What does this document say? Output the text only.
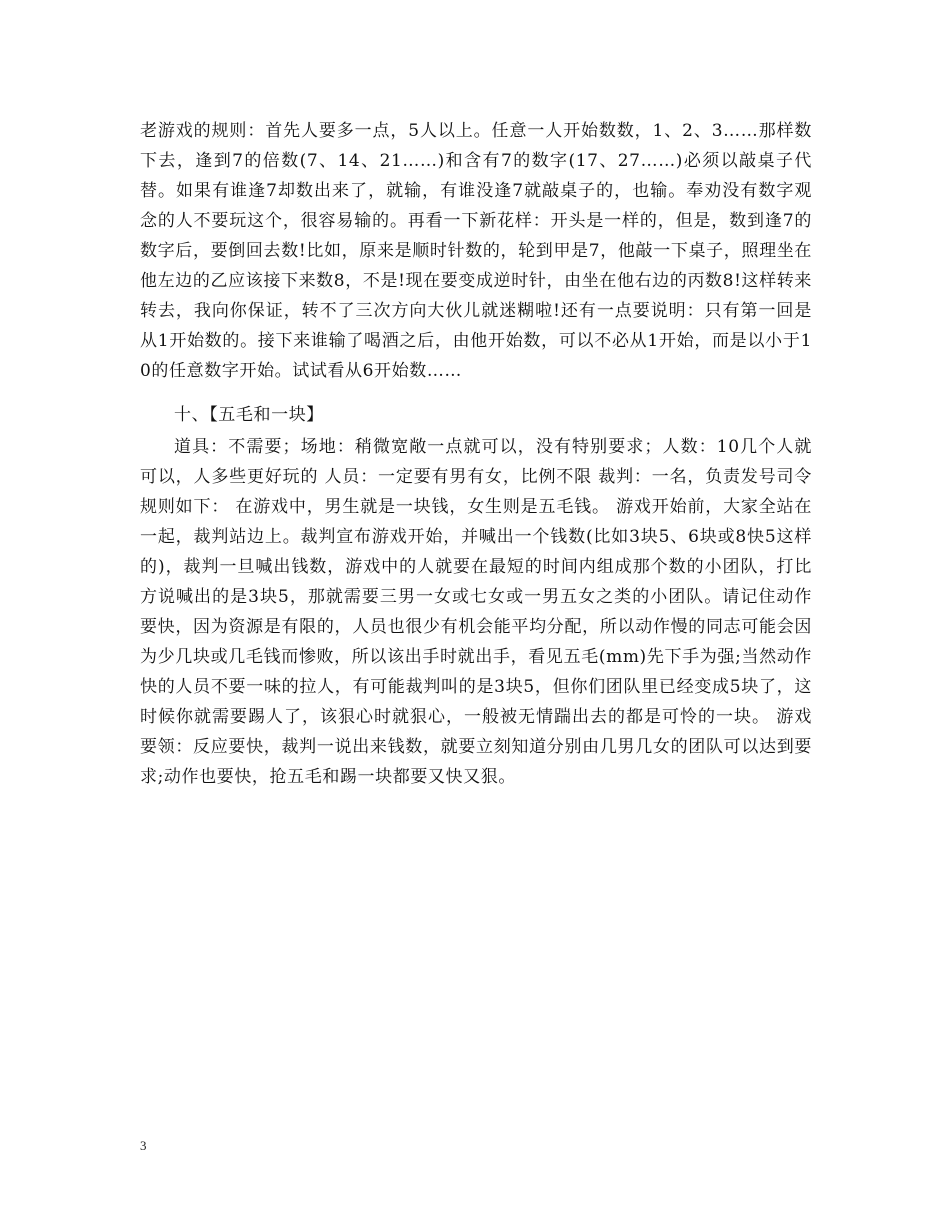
老游戏的规则：首先人要多一点，5人以上。任意一人开始数数，1、2、3……那样数下去，逢到7的倍数(7、14、21……)和含有7的数字(17、27……)必须以敲桌子代替。如果有谁逢7却数出来了，就输，有谁没逢7就敲桌子的，也输。奉劝没有数字观念的人不要玩这个，很容易输的。再看一下新花样：开头是一样的，但是，数到逢7的数字后，要倒回去数!比如，原来是顺时针数的，轮到甲是7，他敲一下桌子，照理坐在他左边的乙应该接下来数8，不是!现在要变成逆时针，由坐在他右边的丙数8!这样转来转去，我向你保证，转不了三次方向大伙儿就迷糊啦!还有一点要说明：只有第一回是从1开始数的。接下来谁输了喝酒之后，由他开始数，可以不必从1开始，而是以小于10的任意数字开始。试试看从6开始数……

十、【五毛和一块】

道具：不需要；场地：稍微宽敞一点就可以，没有特别要求；人数：10几个人就可以，人多些更好玩的 人员：一定要有男有女，比例不限 裁判：一名，负责发号司令 规则如下： 在游戏中，男生就是一块钱，女生则是五毛钱。 游戏开始前，大家全站在一起，裁判站边上。裁判宣布游戏开始，并喊出一个钱数(比如3块5、6块或8快5这样的)，裁判一旦喊出钱数，游戏中的人就要在最短的时间内组成那个数的小团队，打比方说喊出的是3块5，那就需要三男一女或七女或一男五女之类的小团队。请记住动作要快，因为资源是有限的，人员也很少有机会能平均分配，所以动作慢的同志可能会因为少几块或几毛钱而惨败，所以该出手时就出手，看见五毛(mm)先下手为强;当然动作快的人员不要一味的拉人，有可能裁判叫的是3块5，但你们团队里已经变成5块了，这时候你就需要踢人了，该狠心时就狠心，一般被无情踹出去的都是可怜的一块。 游戏要领：反应要快，裁判一说出来钱数，就要立刻知道分别由几男几女的团队可以达到要求;动作也要快，抢五毛和踢一块都要又快又狠。

3
